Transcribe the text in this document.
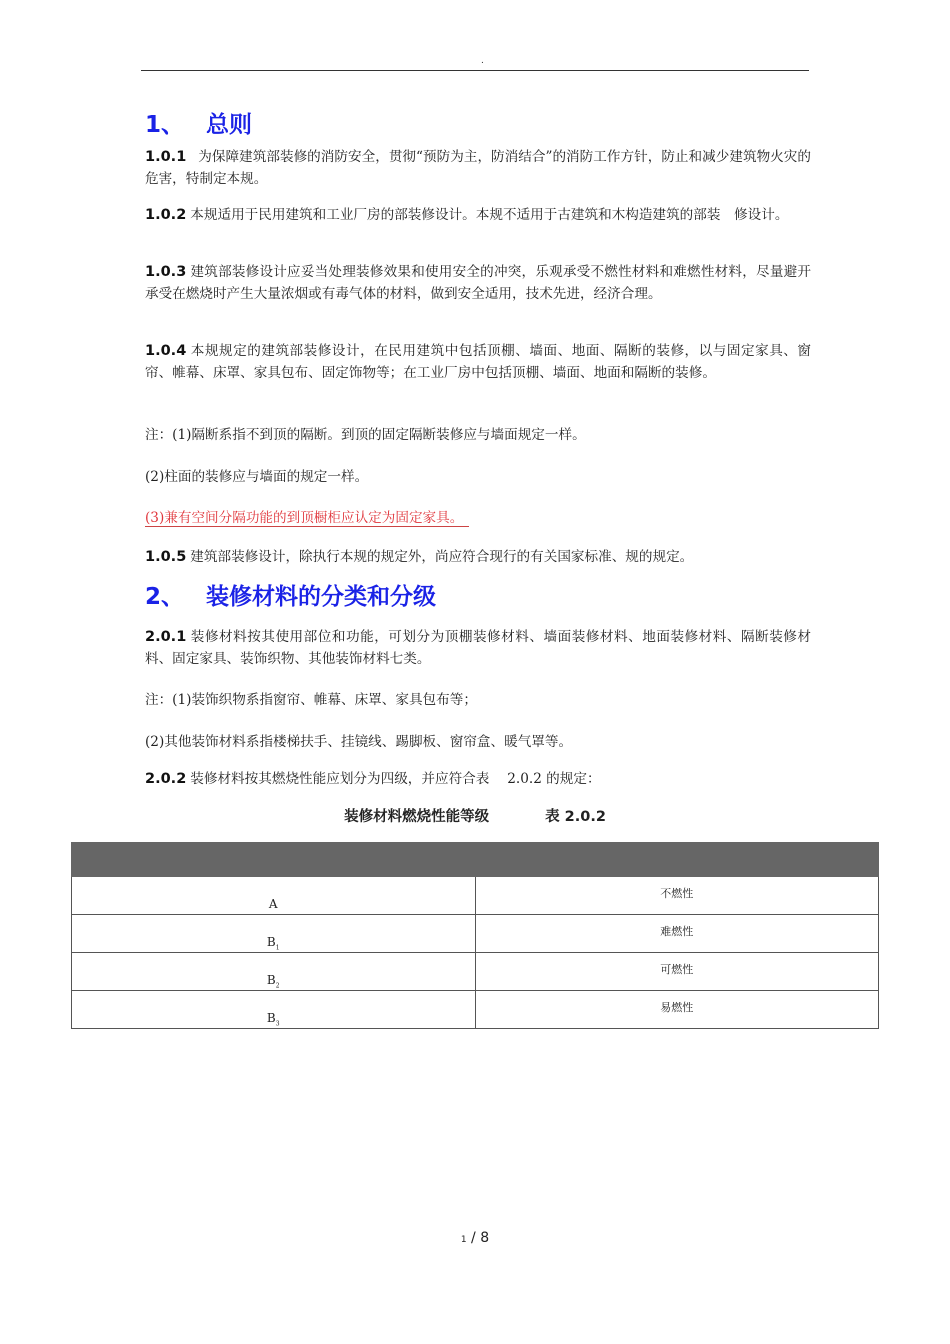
.
1、 总则
1.0.1 为保障建筑部装修的消防安全，贯彻“预防为主，防消结合”的消防工作方针，防止和减少建筑物火灾的危害，特制定本规。
1.0.2 本规适用于民用建筑和工业厂房的部装修设计。本规不适用于古建筑和木构造建筑的部装　修设计。
1.0.3 建筑部装修设计应妥当处理装修效果和使用安全的冲突，乐观承受不燃性材料和难燃性材料，尽量避开承受在燃烧时产生大量浓烟或有毒气体的材料，做到安全适用，技术先进，经济合理。
1.0.4 本规规定的建筑部装修设计，在民用建筑中包括顶棚、墙面、地面、隔断的装修，以与固定家具、窗帘、帷幕、床罩、家具包布、固定饰物等；在工业厂房中包括顶棚、墙面、地面和隔断的装修。
注：(1)隔断系指不到顶的隔断。到顶的固定隔断装修应与墙面规定一样。
(2)柱面的装修应与墙面的规定一样。
(3)兼有空间分隔功能的到顶橱柜应认定为固定家具。
1.0.5 建筑部装修设计，除执行本规的规定外，尚应符合现行的有关国家标准、规的规定。
2、 装修材料的分类和分级
2.0.1 装修材料按其使用部位和功能，可划分为顶棚装修材料、墙面装修材料、地面装修材料、隔断装修材料、固定家具、装饰织物、其他装饰材料七类。
注：(1)装饰织物系指窗帘、帷幕、床罩、家具包布等；
(2)其他装饰材料系指楼梯扶手、挂镜线、踢脚板、窗帘盒、暖气罩等。
2.0.2 装修材料按其燃烧性能应划分为四级，并应符合表　 2.0.2 的规定：
装修材料燃烧性能等级	表 2.0.2

A	不燃性
$B_1$	难燃性
$B_2$	可燃性
$B_3$	易燃性
1 / 8
